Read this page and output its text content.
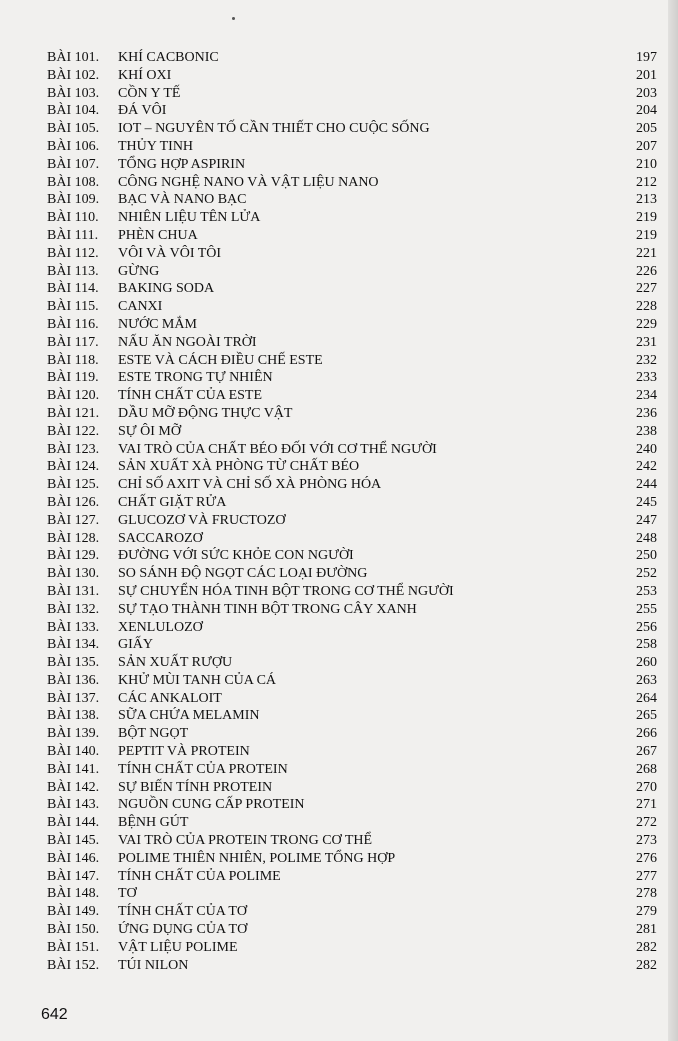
BÀI 101. KHÍ CACBONIC	197
BÀI 102. KHÍ OXI	201
BÀI 103. CỒN Y TẾ	203
BÀI 104. ĐÁ VÔI	204
BÀI 105. IOT – NGUYÊN TỐ CẦN THIẾT CHO CUỘC SỐNG	205
BÀI 106. THỦY TINH	207
BÀI 107. TỔNG HỢP ASPIRIN	210
BÀI 108. CÔNG NGHỆ NANO VÀ VẬT LIỆU NANO	212
BÀI 109. BẠC VÀ NANO BẠC	213
BÀI 110. NHIÊN LIỆU TÊN LỬA	219
BÀI 111. PHÈN CHUA	219
BÀI 112. VÔI VÀ VÔI TÔI	221
BÀI 113. GỪNG	226
BÀI 114. BAKING SODA	227
BÀI 115. CANXI	228
BÀI 116. NƯỚC MẮM	229
BÀI 117. NẤU ĂN NGOÀI TRỜI	231
BÀI 118. ESTE VÀ CÁCH ĐIỀU CHẾ ESTE	232
BÀI 119. ESTE TRONG TỰ NHIÊN	233
BÀI 120. TÍNH CHẤT CỦA ESTE	234
BÀI 121. DẦU MỠ ĐỘNG THỰC VẬT	236
BÀI 122. SỰ ÔI MỠ	238
BÀI 123. VAI TRÒ CỦA CHẤT BÉO ĐỐI VỚI CƠ THỂ NGƯỜI	240
BÀI 124. SẢN XUẤT XÀ PHÒNG TỪ CHẤT BÉO	242
BÀI 125. CHỈ SỐ AXIT VÀ CHỈ SỐ XÀ PHÒNG HÓA	244
BÀI 126. CHẤT GIẶT RỬA	245
BÀI 127. GLUCOZƠ VÀ FRUCTOZƠ	247
BÀI 128. SACCAROZƠ	248
BÀI 129. ĐƯỜNG VỚI SỨC KHỎE CON NGƯỜI	250
BÀI 130. SO SÁNH ĐỘ NGỌT CÁC LOẠI ĐƯỜNG	252
BÀI 131. SỰ CHUYỂN HÓA TINH BỘT TRONG CƠ THỂ NGƯỜI	253
BÀI 132. SỰ TẠO THÀNH TINH BỘT TRONG CÂY XANH	255
BÀI 133. XENLULOZƠ	256
BÀI 134. GIẤY	258
BÀI 135. SẢN XUẤT RƯỢU	260
BÀI 136. KHỬ MÙI TANH CỦA CÁ	263
BÀI 137. CÁC ANKALOIT	264
BÀI 138. SỮA CHỨA MELAMIN	265
BÀI 139. BỘT NGỌT	266
BÀI 140. PEPTIT VÀ PROTEIN	267
BÀI 141. TÍNH CHẤT CỦA PROTEIN	268
BÀI 142. SỰ BIẾN TÍNH PROTEIN	270
BÀI 143. NGUỒN CUNG CẤP PROTEIN	271
BÀI 144. BỆNH GÚT	272
BÀI 145. VAI TRÒ CỦA PROTEIN TRONG CƠ THỂ	273
BÀI 146. POLIME THIÊN NHIÊN, POLIME TỔNG HỢP	276
BÀI 147. TÍNH CHẤT CỦA POLIME	277
BÀI 148. TƠ	278
BÀI 149. TÍNH CHẤT CỦA TƠ	279
BÀI 150. ỨNG DỤNG CỦA TƠ	281
BÀI 151. VẬT LIỆU POLIME	282
BÀI 152. TÚI NILON	282
642
